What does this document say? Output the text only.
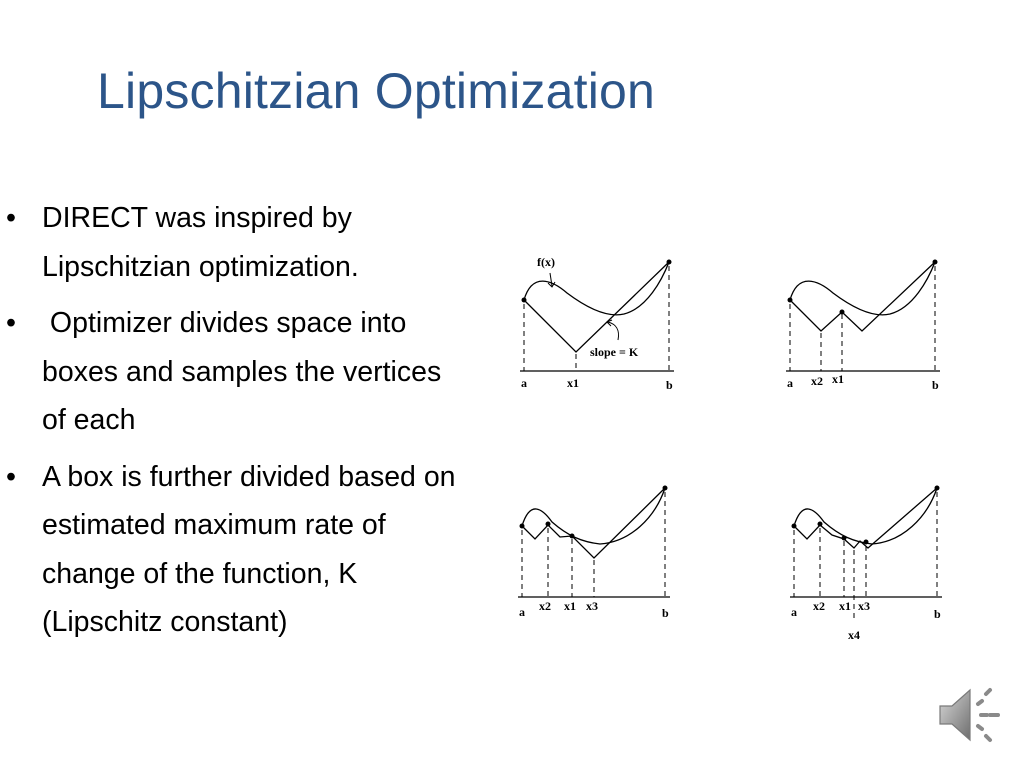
Lipschitzian Optimization
• DIRECT was inspired by Lipschitzian optimization.
• Optimizer divides space into boxes and samples the vertices of each
• A box is further divided based on estimated maximum rate of change of the function, K (Lipschitz constant)
f(x)
slope = K
a	x1	b	a x2 x1	b
a x2 x1 x3	b	a x2 x1 x3
x4
b
